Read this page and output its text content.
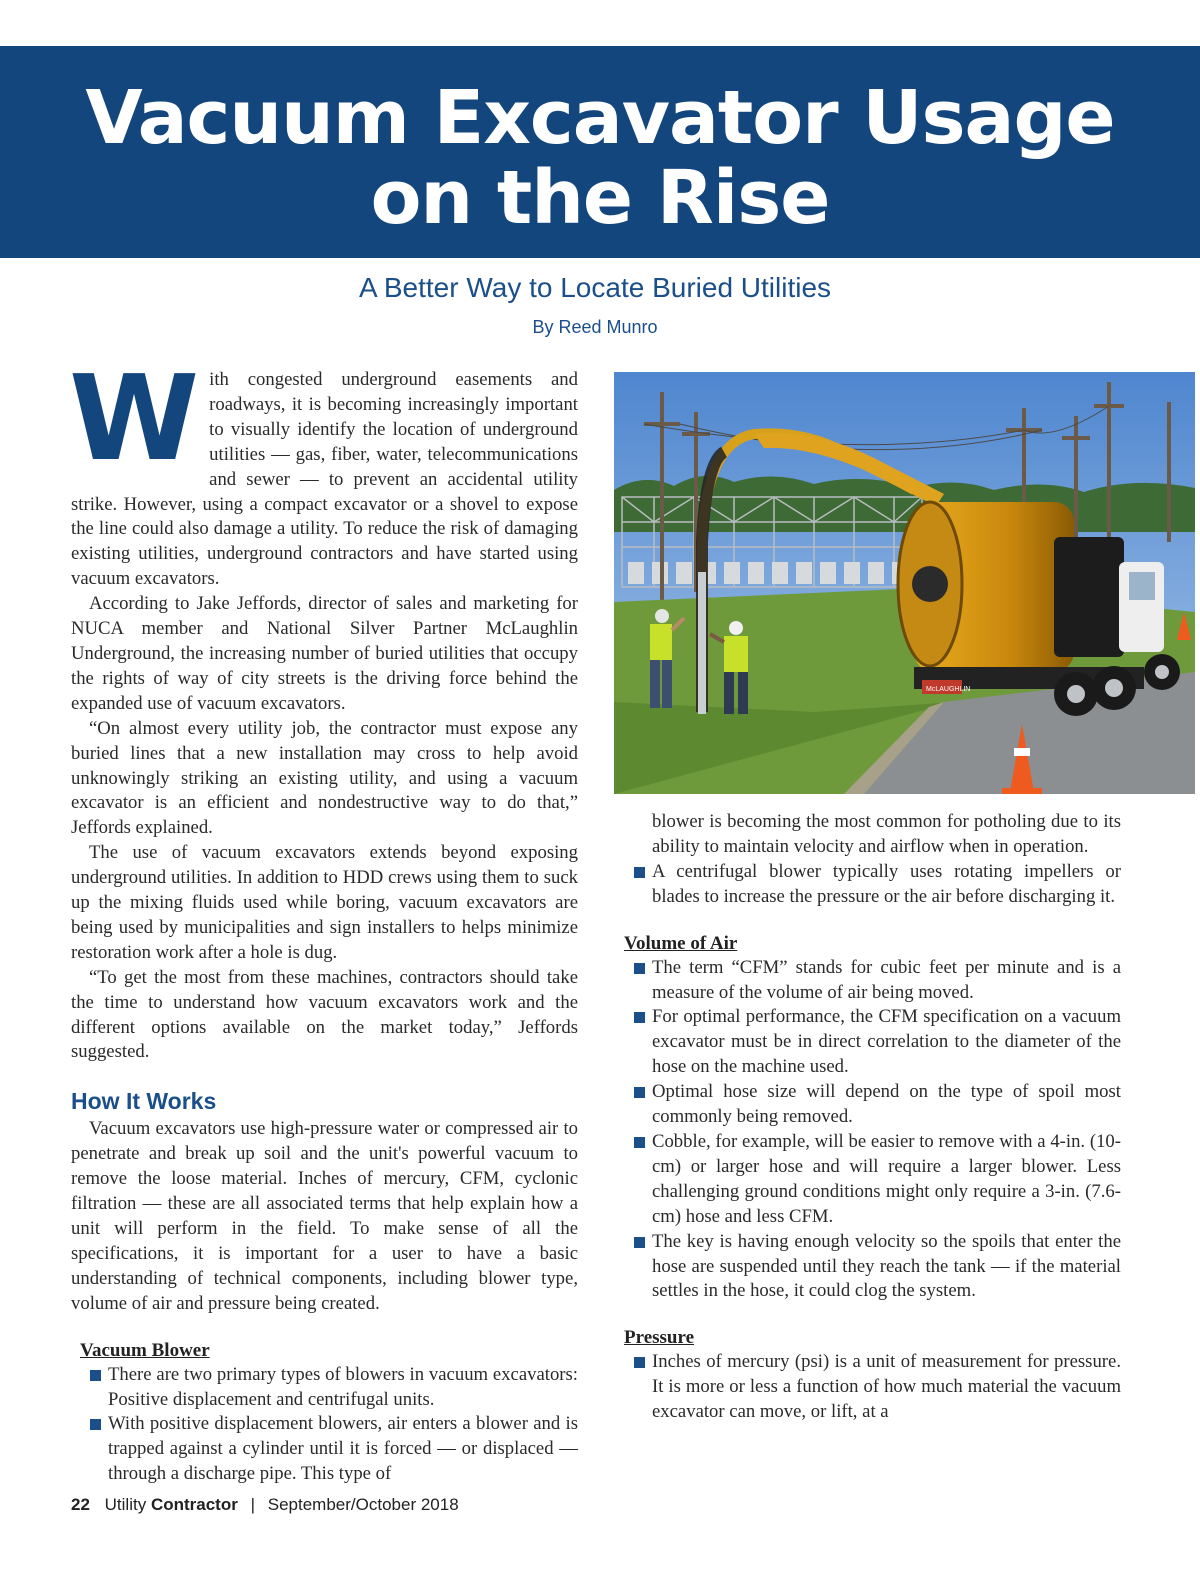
Vacuum Excavator Usage
on the Rise
A Better Way to Locate Buried Utilities
By Reed Munro

With congested underground easements and roadways, it is becoming increasingly important to visually identify the location of underground utilities — gas, fiber, water, telecommunications and sewer — to prevent an accidental utility strike. However, using a compact excavator or a shovel to expose the line could also damage a utility. To reduce the risk of damaging existing utilities, underground contractors and have started using vacuum excavators.

According to Jake Jeffords, director of sales and marketing for NUCA member and National Silver Partner McLaughlin Underground, the increasing number of buried utilities that occupy the rights of way of city streets is the driving force behind the expanded use of vacuum excavators.

“On almost every utility job, the contractor must expose any buried lines that a new installation may cross to help avoid unknowingly striking an existing utility, and using a vacuum excavator is an efficient and nondestructive way to do that,” Jeffords explained.

The use of vacuum excavators extends beyond exposing underground utilities. In addition to HDD crews using them to suck up the mixing fluids used while boring, vacuum excavators are being used by municipalities and sign installers to helps minimize restoration work after a hole is dug.

“To get the most from these machines, contractors should take the time to understand how vacuum excavators work and the different options available on the market today,” Jeffords suggested.

How It Works

Vacuum excavators use high-pressure water or compressed air to penetrate and break up soil and the unit's powerful vacuum to remove the loose material. Inches of mercury, CFM, cyclonic filtration — these are all associated terms that help explain how a unit will perform in the field. To make sense of all the specifications, it is important for a user to have a basic understanding of technical components, including blower type, volume of air and pressure being created.

Vacuum Blower
There are two primary types of blowers in vacuum excavators: Positive displacement and centrifugal units.
With positive displacement blowers, air enters a blower and is trapped against a cylinder until it is forced — or displaced — through a discharge pipe. This type of
McLAUGHLIN
blower is becoming the most common for potholing due to its ability to maintain velocity and airflow when in operation.
A centrifugal blower typically uses rotating impellers or blades to increase the pressure or the air before discharging it.
Volume of Air
The term “CFM” stands for cubic feet per minute and is a measure of the volume of air being moved.
For optimal performance, the CFM specification on a vacuum excavator must be in direct correlation to the diameter of the hose on the machine used.
Optimal hose size will depend on the type of spoil most commonly being removed.
Cobble, for example, will be easier to remove with a 4-in. (10-cm) or larger hose and will require a larger blower. Less challenging ground conditions might only require a 3-in. (7.6-cm) hose and less CFM.
The key is having enough velocity so the spoils that enter the hose are suspended until they reach the tank — if the material settles in the hose, it could clog the system.
Pressure
Inches of mercury (psi) is a unit of measurement for pressure. It is more or less a function of how much material the vacuum excavator can move, or lift, at a
22 Utility Contractor | September/October 2018
